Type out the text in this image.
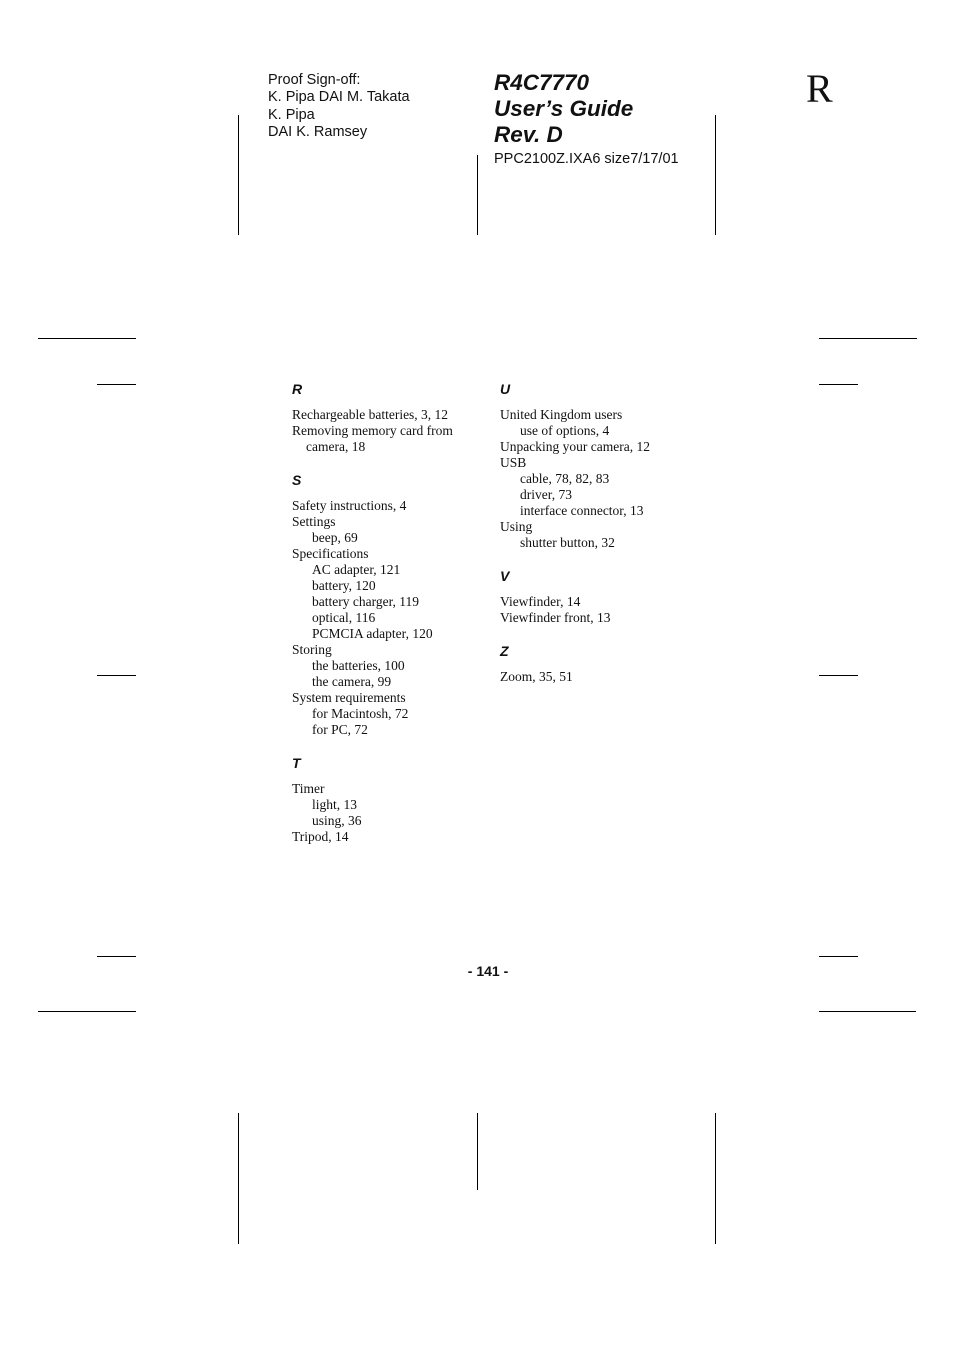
Proof Sign-off:
K. Pipa DAI M. Takata
K. Pipa
DAI K. Ramsey
R4C7770
User’s Guide
Rev. D
PPC2100Z.IXA6 size7/17/01
R
R
Rechargeable batteries, 3, 12
Removing memory card from
camera, 18
S
Safety instructions, 4
Settings
beep, 69
Specifications
AC adapter, 121
battery, 120
battery charger, 119
optical, 116
PCMCIA adapter, 120
Storing
the batteries, 100
the camera, 99
System requirements
for Macintosh, 72
for PC, 72
T
Timer
light, 13
using, 36
Tripod, 14
U
United Kingdom users
use of options, 4
Unpacking your camera, 12
USB
cable, 78, 82, 83
driver, 73
interface connector, 13
Using
shutter button, 32
V
Viewfinder, 14
Viewfinder front, 13
Z
Zoom, 35, 51
- 141 -
